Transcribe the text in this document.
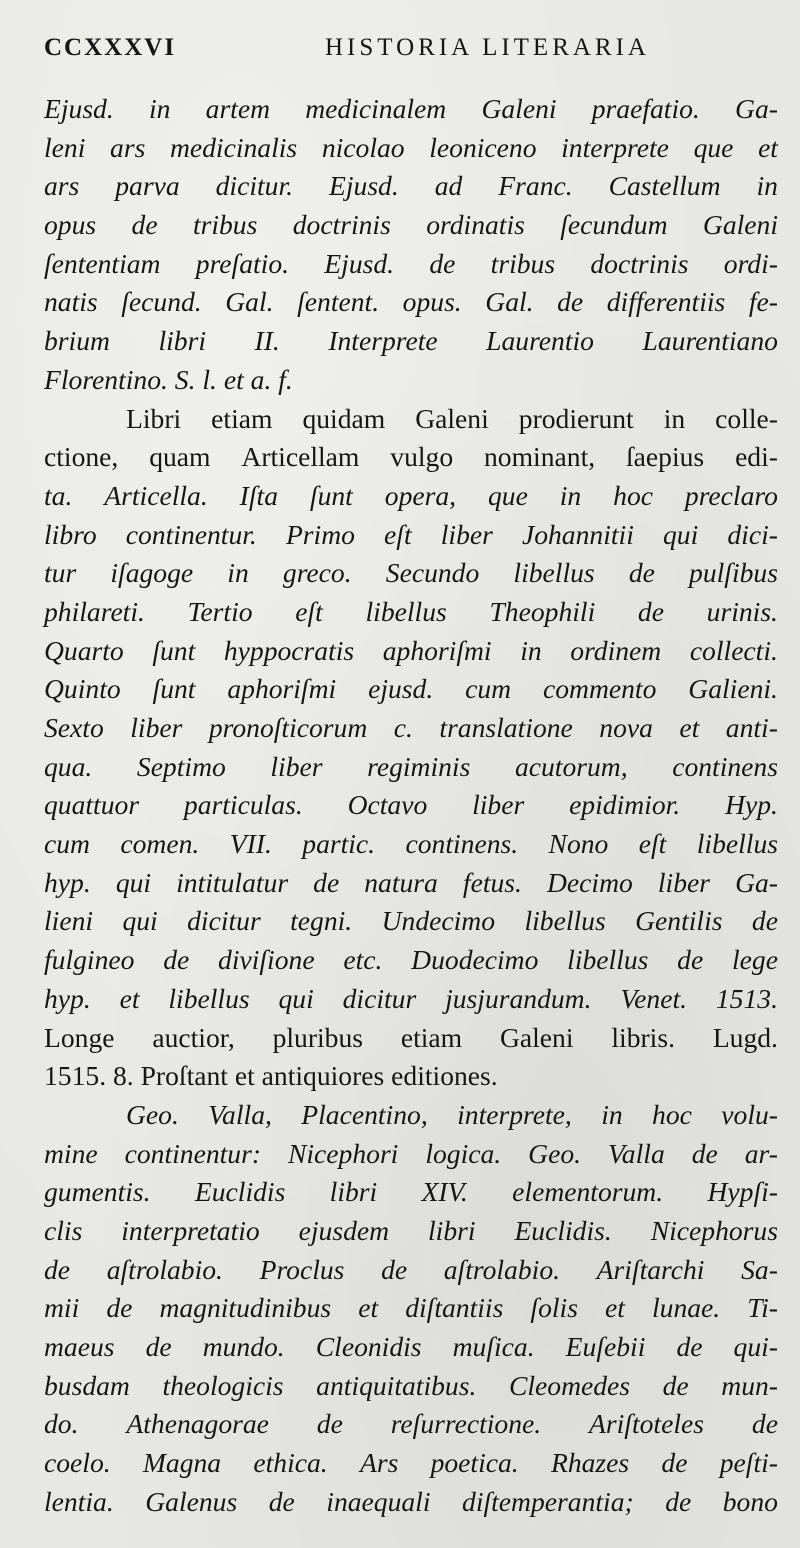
CCXXXVI	HISTORIA LITERARIA
Ejusd. in artem medicinalem Galeni praefatio. Ga-
leni ars medicinalis nicolao leoniceno interprete que et
ars parva dicitur. Ejusd. ad Franc. Castellum in
opus de tribus doctrinis ordinatis ſecundum Galeni
ſententiam preſatio. Ejusd. de tribus doctrinis ordi-
natis ſecund. Gal. ſentent. opus. Gal. de differentiis fe-
brium libri II. Interprete Laurentio Laurentiano
Florentino. S. l. et a. f.
Libri etiam quidam Galeni prodierunt in colle-
ctione, quam Articellam vulgo nominant, ſaepius edi-
ta. Articella. Iſta ſunt opera, que in hoc preclaro
libro continentur. Primo eſt liber Johannitii qui dici-
tur iſagoge in greco. Secundo libellus de pulſibus
philareti. Tertio eſt libellus Theophili de urinis.
Quarto ſunt hyppocratis aphoriſmi in ordinem collecti.
Quinto ſunt aphoriſmi ejusd. cum commento Galieni.
Sexto liber pronoſticorum c. translatione nova et anti-
qua. Septimo liber regiminis acutorum, continens
quattuor particulas. Octavo liber epidimior. Hyp.
cum comen. VII. partic. continens. Nono eſt libellus
hyp. qui intitulatur de natura fetus. Decimo liber Ga-
lieni qui dicitur tegni. Undecimo libellus Gentilis de
fulgineo de diviſione etc. Duodecimo libellus de lege
hyp. et libellus qui dicitur jusjurandum. Venet. 1513.
Longe auctior, pluribus etiam Galeni libris. Lugd.
1515. 8. Proſtant et antiquiores editiones.
Geo. Valla, Placentino, interprete, in hoc volu-
mine continentur: Nicephori logica. Geo. Valla de ar-
gumentis. Euclidis libri XIV. elementorum. Hypſi-
clis interpretatio ejusdem libri Euclidis. Nicephorus
de aſtrolabio. Proclus de aſtrolabio. Ariſtarchi Sa-
mii de magnitudinibus et diſtantiis ſolis et lunae. Ti-
maeus de mundo. Cleonidis muſica. Euſebii de qui-
busdam theologicis antiquitatibus. Cleomedes de mun-
do. Athenagorae de reſurrectione. Ariſtoteles de
coelo. Magna ethica. Ars poetica. Rhazes de peſti-
lentia. Galenus de inaequali diſtemperantia; de bono
